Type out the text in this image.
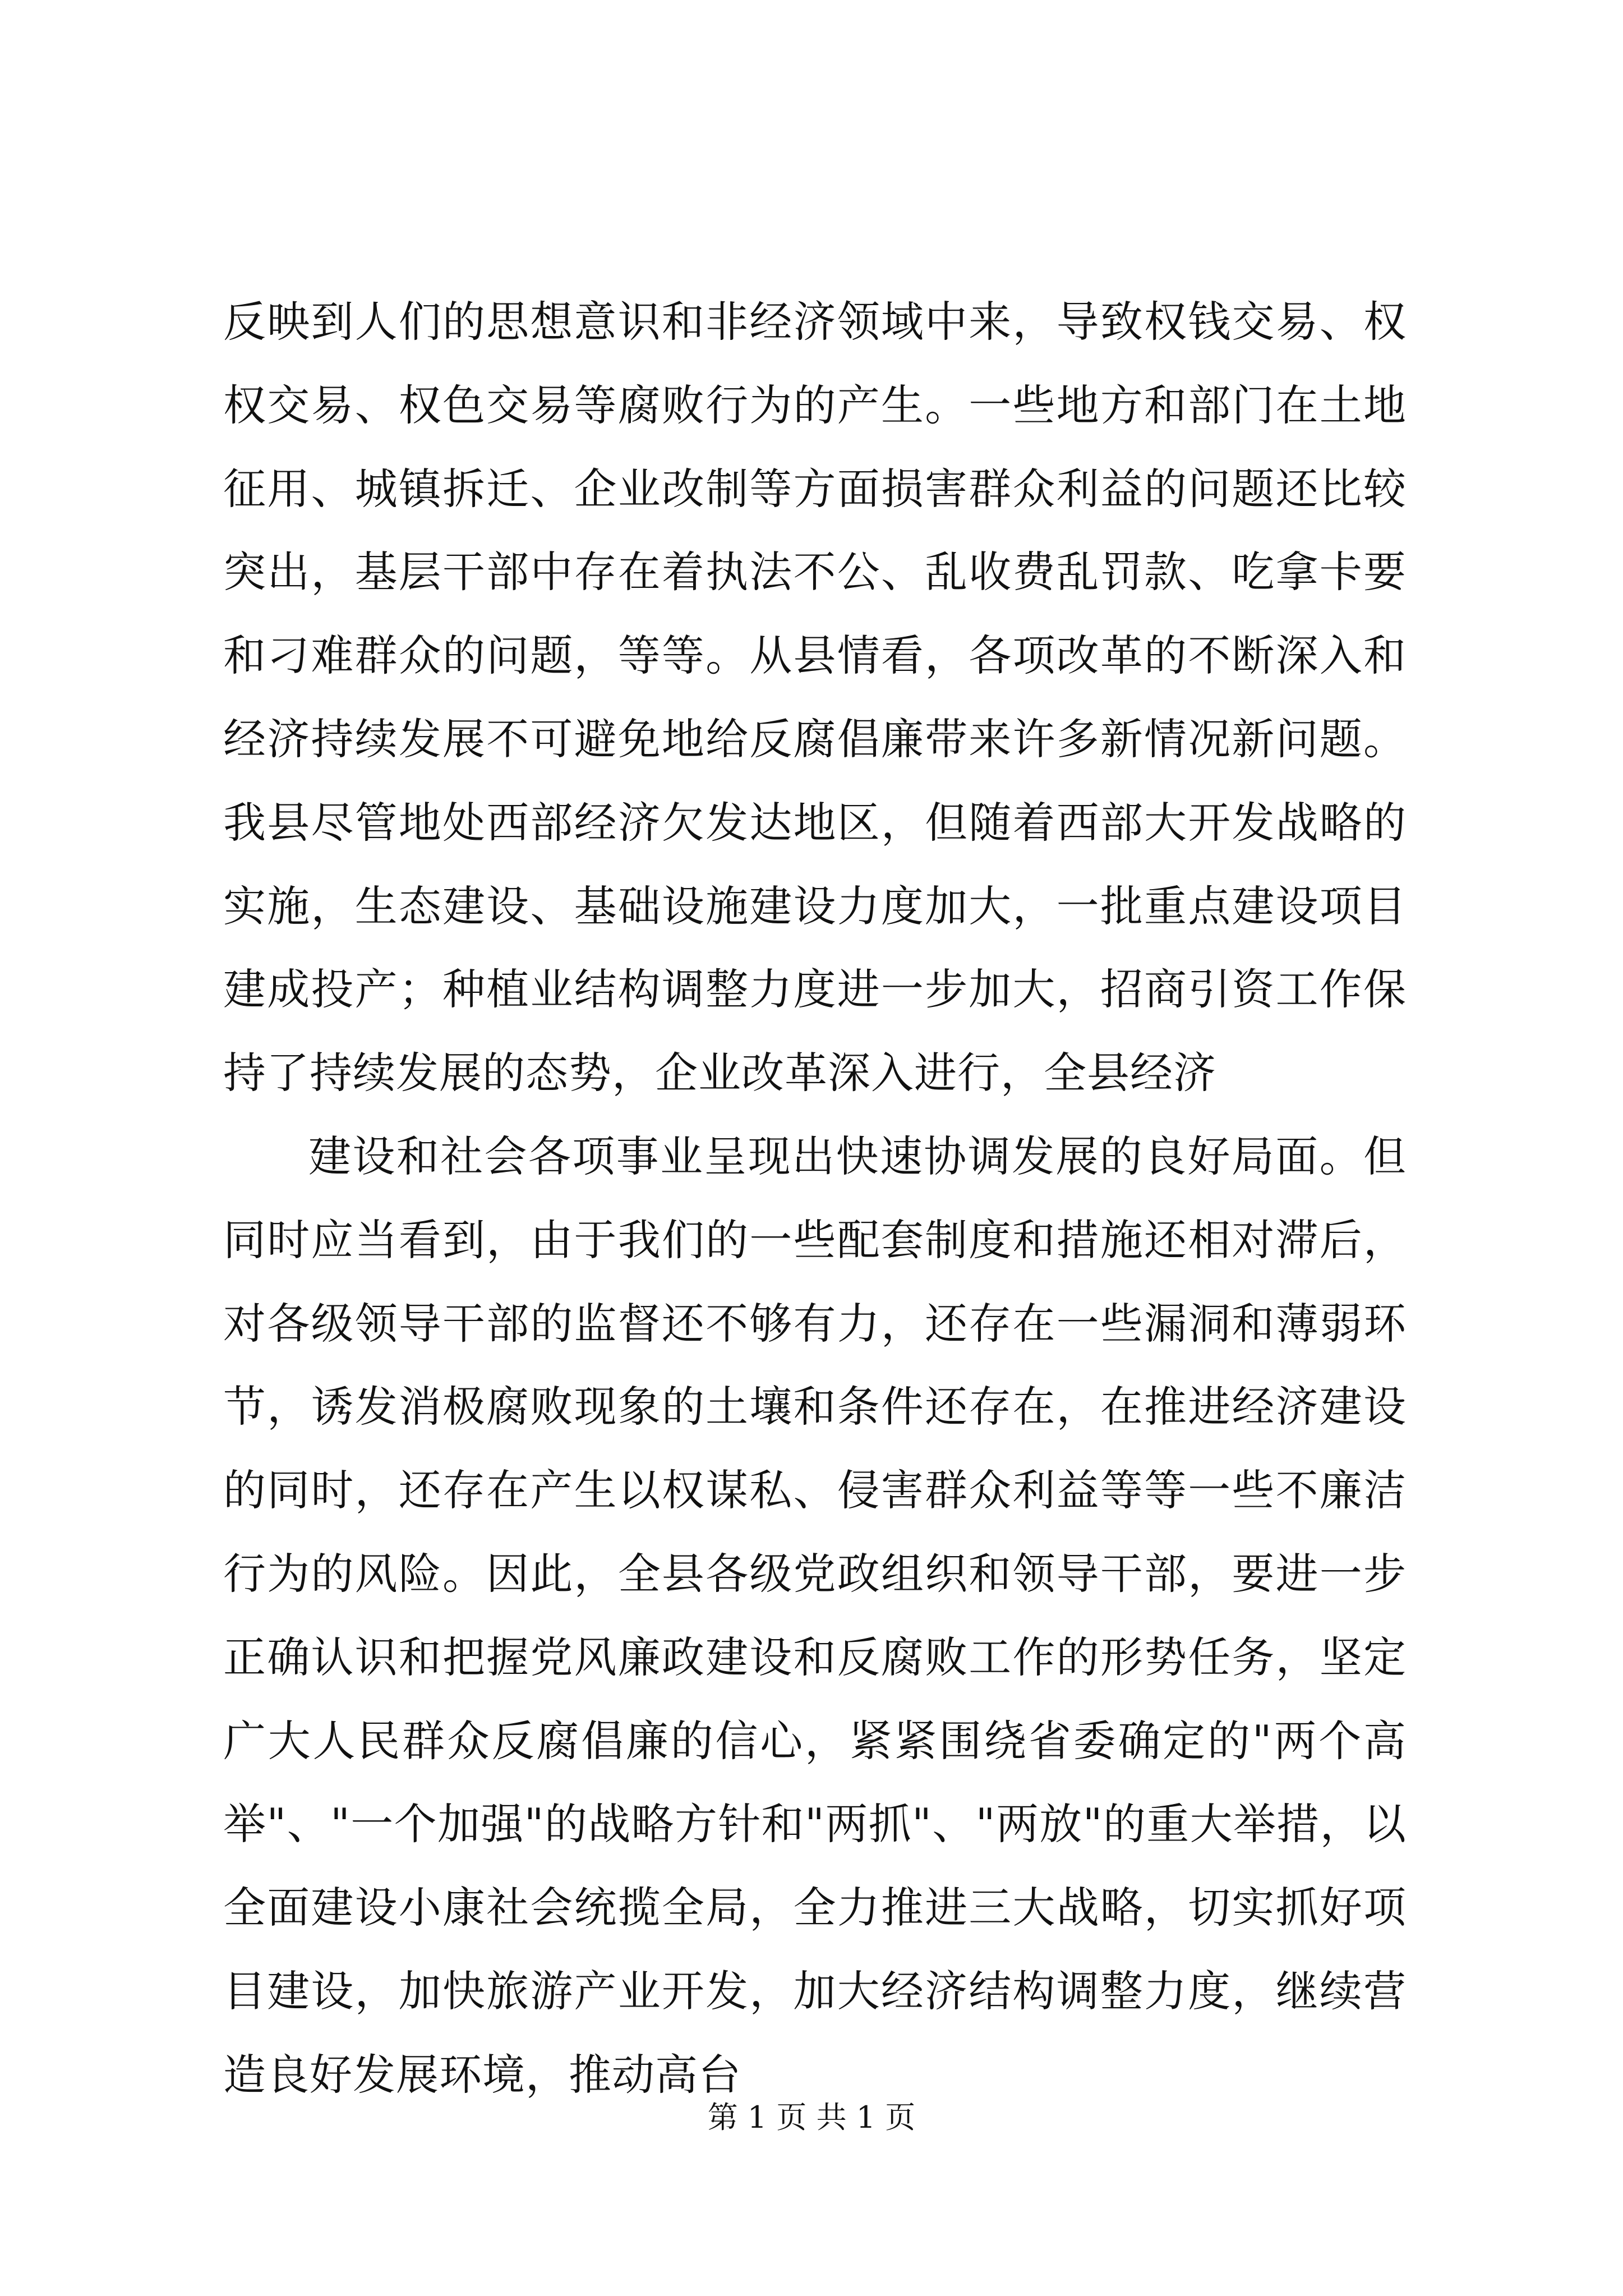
反映到人们的思想意识和非经济领域中来，导致权钱交易、权权交易、权色交易等腐败行为的产生。一些地方和部门在土地征用、城镇拆迁、企业改制等方面损害群众利益的问题还比较突出，基层干部中存在着执法不公、乱收费乱罚款、吃拿卡要和刁难群众的问题，等等。从县情看，各项改革的不断深入和经济持续发展不可避免地给反腐倡廉带来许多新情况新问题。我县尽管地处西部经济欠发达地区，但随着西部大开发战略的实施，生态建设、基础设施建设力度加大，一批重点建设项目建成投产；种植业结构调整力度进一步加大，招商引资工作保持了持续发展的态势，企业改革深入进行，全县经济

建设和社会各项事业呈现出快速协调发展的良好局面。但同时应当看到，由于我们的一些配套制度和措施还相对滞后，对各级领导干部的监督还不够有力，还存在一些漏洞和薄弱环节，诱发消极腐败现象的土壤和条件还存在，在推进经济建设的同时，还存在产生以权谋私、侵害群众利益等等一些不廉洁行为的风险。因此，全县各级党政组织和领导干部，要进一步正确认识和把握党风廉政建设和反腐败工作的形势任务，坚定广大人民群众反腐倡廉的信心，紧紧围绕省委确定的"两个高举"、"一个加强"的战略方针和"两抓"、"两放"的重大举措，以全面建设小康社会统揽全局，全力推进三大战略，切实抓好项目建设，加快旅游产业开发，加大经济结构调整力度，继续营造良好发展环境，推动高台

第 1 页 共 1 页
